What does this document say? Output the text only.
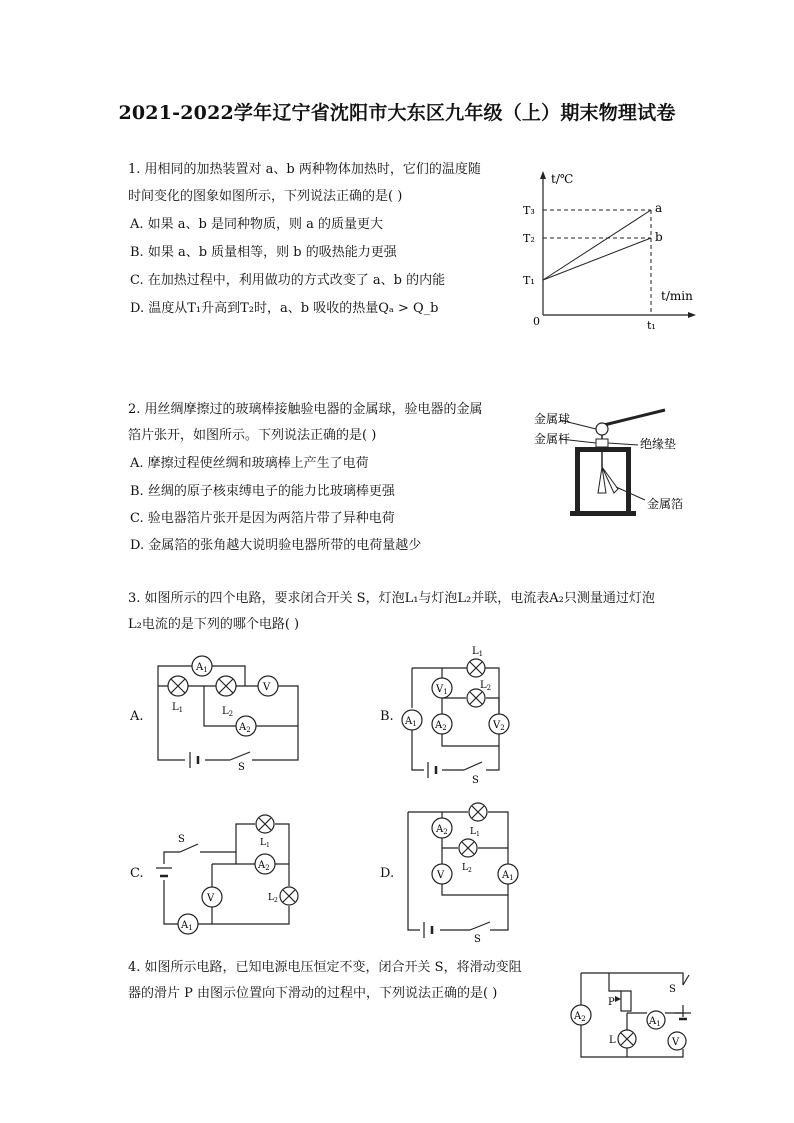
2021-2022学年辽宁省沈阳市大东区九年级（上）期末物理试卷
1. 用相同的加热装置对 a、b 两种物体加热时，它们的温度随
时间变化的图象如图所示，下列说法正确的是( )
A. 如果 a、b 是同种物质，则 a 的质量更大
B. 如果 a、b 质量相等，则 b 的吸热能力更强
C. 在加热过程中，利用做功的方式改变了 a、b 的内能
D. 温度从T₁升高到T₂时，a、b 吸收的热量Qₐ > Q_b
t/℃
t/min
0
T₃
T₂
T₁
t₁
a
b
2. 用丝绸摩擦过的玻璃棒接触验电器的金属球，验电器的金属
箔片张开，如图所示。下列说法正确的是( )
A. 摩擦过程使丝绸和玻璃棒上产生了电荷
B. 丝绸的原子核束缚电子的能力比玻璃棒更强
C. 验电器箔片张开是因为两箔片带了异种电荷
D. 金属箔的张角越大说明验电器所带的电荷量越少
金属球
金属杆	绝缘垫
金属箔
3. 如图所示的四个电路，要求闭合开关 S，灯泡L₁与灯泡L₂并联，电流表A₂只测量通过灯泡
L₂电流的是下列的哪个电路( )
A.	B.
C.	D.
$A_1$
V
$A_2$
$L_1$	$L_2$
S
$L_1$
$L_2$
$V_1$
$A_1$ $A_2$	$V_2$
S
S
$A_2$
V
$A_1$
$L_1$
$L_2$
$A_2$
V	$A_1$
$L_1$
$L_2$
S
4. 如图所示电路，已知电源电压恒定不变，闭合开关 S，将滑动变阻
器的滑片 P 由图示位置向下滑动的过程中，下列说法正确的是( )
$A_2$	$A_1$
V
L
P
S
